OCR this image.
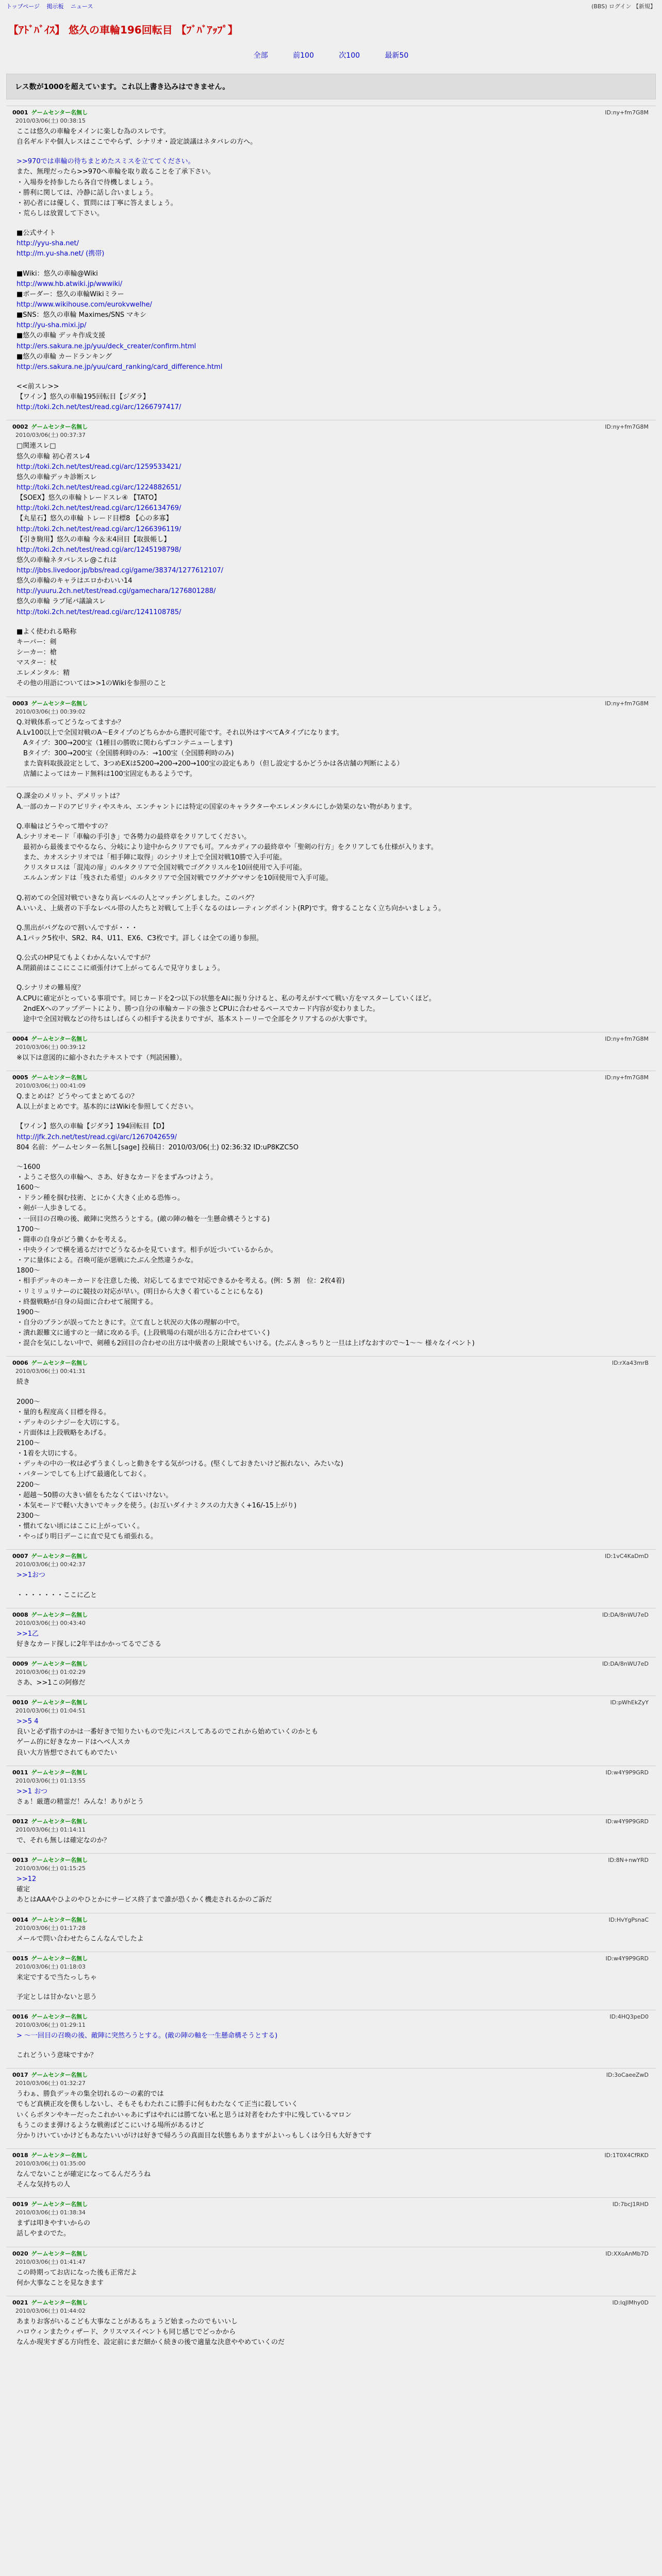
トップページ 掲示板 ニュース	(BBS) ログイン 【新規】
【ｱﾄﾞﾊﾞｲｽ】 悠久の車輪196回転目 【ﾌﾞﾊﾞｱｯﾌﾟ】
全部	前100	次100	最新50
レス数が1000を超えています。これ以上書き込みはできません。
0001 ゲームセンター名無し
2010/03/06(土) 00:38:15
ID:ny+fm7G8M
ここは悠久の車輪をメインに楽しむ為のスレです。
自名ギルドや個人レスはここでやらず、シナリオ・設定談議はネタバレの方へ。
>>970では車輪の待ちまとめたスミスを立ててください。
また、無理だったら>>970へ車輪を取り敢ることを了承下さい。
・入場券を持参したら各自で待機しましょう。
・勝利に関しては、冷静に話し合いましょう。
・初心者には優しく、質問には丁寧に答えましょう。
・荒らしは放置して下さい。
■公式サイト
http://yyu-sha.net/
http://m.yu-sha.net/ (携帯)
■Wiki：悠久の車輪@Wiki
http://www.hb.atwiki.jp/wwwiki/
■ボーダー：悠久の車輪Wikiミラー
http://www.wikihouse.com/eurokvwelhe/
■SNS：悠久の車輪 Maximes/SNS マキシ
http://yu-sha.mixi.jp/
■悠久の車輪 デッキ作成支援
http://ers.sakura.ne.jp/yuu/deck_creater/confirm.html
■悠久の車輪 カードランキング
http://ers.sakura.ne.jp/yuu/card_ranking/card_difference.html
<<前スレ>>
【ワイン】悠久の車輪195回転目【ジダラ】
http://toki.2ch.net/test/read.cgi/arc/1266797417/
0002 ゲームセンター名無し
2010/03/06(土) 00:37:37
ID:ny+fm7G8M
□関連スレ□
悠久の車輪 初心者スレ4
http://toki.2ch.net/test/read.cgi/arc/1259533421/
悠久の車輪デッキ診断スレ
http://toki.2ch.net/test/read.cgi/arc/1224882651/
【SOEX】悠久の車輪トレードスレ④ 【TATO】
http://toki.2ch.net/test/read.cgi/arc/1266134769/
【丸星石】悠久の車輪 トレード目標8 【心の多寡】
http://toki.2ch.net/test/read.cgi/arc/1266396119/
【引き駒用】悠久の車輪 今＆末4回目【取扱帳し】
http://toki.2ch.net/test/read.cgi/arc/1245198798/
悠久の車輪ネタバレスレ@これは
http://jbbs.livedoor.jp/bbs/read.cgi/game/38374/1277612107/
悠久の車輪のキャラはエロかわいい14
http://yuuru.2ch.net/test/read.cgi/gamechara/1276801288/
悠久の車輪 ラブ尾バ議論スレ
http://toki.2ch.net/test/read.cgi/arc/1241108785/
■よく使われる略称
キーパー：剣
シーカー：槍
マスター：杖
エレメンタル：精
その他の用語については>>1のWikiを参照のこと
0003 ゲームセンター名無し
2010/03/06(土) 00:39:02
ID:ny+fm7G8M
Q.対戦体系ってどうなってますか？
A.Lv100以上で全国対戦のA〜Eタイプのどちらかから選択可能です。それ以外はすべてAタイプになります。
　Aタイプ：300→200宝（1種目の勝敗に関わらずコンテニューします)
　Bタイプ：300→200宝（全国勝利時のみ：→100宝（全国勝利時のみ)
　また資料取扱設定として、3つめEXは5200→200→200→100宝の設定もあり（但し設定するかどうかは各店舗の判断による）
　店舗によってはカード無料は100宝固定もあるようです。
Q.課金のメリット、デメリットは？
A.一部のカードのアビリティやスキル、エンチャントには特定の国家のキャラクターやエレメンタルにしか効果のない物があります。
Q.車輪はどうやって増やすの？
A.シナリオモード「車輪の手引き」で各勢力の最終章をクリアしてください。
　最初から最後までやるなら、分岐により途中からクリアでも可。アルカディアの最終章や「聖剣の行方」をクリアしても仕様が入ります。
　また、カオスシナリオでは「相手陣に取得」のシナリオ上で全国対戦10勝で入手可能。
　クリスタロスは「混沌の扉」のルタクリアで全国対戦でゴグクリスルを10回使用で入手可能。
　エルムンガンドは「残された希望」のルタクリアで全国対戦でワグナグマサンを10回使用で入手可能。
Q.初めての全国対戦でいきなり高レベルの人とマッチングしました。このバグ？
A.いいえ、上級者の下手なレベル帯の人たちと対戦して上手くなるのはレーティングポイント(RP)です。脅することなく立ち向かいましょう。
Q.黒出がバグなので割いんですが・・・
A.1パック5枚中、SR2、R4、U11、EX6、C3枚です。詳しくは全ての通り参照。
Q.公式のHP見てもよくわかんないんですが？
A.閉鎖前はここにここに頑張付けて上がってるんで見守りましょう。
Q.シナリオの難易度？
A.CPUに確定がとっている事項です。同じカードを2つ以下の状態をAIに振り分けると、私の考えがすべて戦い方をマスターしていくほど。
　2ndEXへのアップデートにより、勝つ自分の車輪カードの強さとCPUに合わせるペースでカード内容が変わりました。
　途中で全国対戦などの待ちはしばらくの相手する決まりですが、基本ストーリーで全部をクリアするのが大事です。
0004 ゲームセンター名無し
2010/03/06(土) 00:39:12
ID:ny+fm7G8M
※以下は意図的に縮小されたテキストです（判読困難）。
0005 ゲームセンター名無し
2010/03/06(土) 00:41:09
ID:ny+fm7G8M
Q.まとめは？どうやってまとめてるの？
A.以上がまとめです。基本的にはWikiを参照してください。
【ワイン】悠久の車輪【ジダラ】194回転目【D】
http://jfk.2ch.net/test/read.cgi/arc/1267042659/
804 名前：ゲームセンター名無し[sage] 投稿日：2010/03/06(土) 02:36:32 ID:uP8KZC5O
～1600
・ようこそ悠久の車輪へ、さあ、好きなカードをまずみつけよう。
1600～
・ドラン種を掴む技術、とにかく大きく止める恐怖っ。
・剣が一人歩きしてる。
・一回目の召喚の後、敵陣に突然ろうとする。(敵の陣の軸を一生懸命構そうとする)
1700～
・闘車の自身がどう働くかを考える。
・中央ラインで横を通るだけでどうなるかを見ています。相手が近づいているからか。
・アに量体による。召喚可能が悪戦にたぶん全然違うかな。
1800～
・相手デッキのキーカードを注意した後、対応してるまでで対応できるかを考える。(例：5 割　位：2枚4着)
・リミリュリナーのに競技の対応が早い。(明日から大きく着ていることにもなる)
・終盤戦略が自身の局面に合わせて展開する。
1900～
・自分のプランが誤ってたときにす。立て直しと状況の大体の理解の中で。
・潰れ銀難文に通すのと一緒に攻める手。(上段戦場の右端が出る方に合わせていく)
・混合を気にしない中で、剣種も2回目の合わせの出方は中級者の上限域でもいける。(たぶんきっちりと一旦は上げなおすので～1～～ 様々なイベント)
0006 ゲームセンター名無し
2010/03/06(土) 00:41:31
ID:rXa43mrB
続き
2000～
・量的も程度高く目標を得る。
・デッキのシナジーを大切にする。
・片面体は上段戦略をあげる。
2100～
・1着を大切にする。
・デッキの中の一枚は必ずうまくしっと動きをする気がつける。(堅くしておきたいけど振れない、みたいな)
・パターンでしても上げて最適化しておく。
2200～
・超越～50勝の大きい値をもたなくてはいけない。
・本気モードで軽い大きいでキックを使う。(お互いダイナミクスの力大きく+16/-15上がり)
2300～
・慣れてない頃にはここに上がっていく。
・やっぱり明日デーこに直で見ても頑張れる。
0007 ゲームセンター名無し
2010/03/06(土) 00:42:37
ID:1vC4KaDmD
>>1おつ
・・・・・・・ここに乙と
0008 ゲームセンター名無し
2010/03/06(土) 00:43:40
ID:DA/8nWU7eD
>>1乙
好きなカード探しに2年半はかかってるでごさる
0009 ゲームセンター名無し
2010/03/06(土) 01:02:29
ID:DA/8nWU7eD
さあ、>>1この阿修だ
0010 ゲームセンター名無し
2010/03/06(土) 01:04:51
ID:pWhEkZyY
>>5 4
良いと必ず指すのかは一番好きで知りたいもので先にパスしてあるのでこれから始めていくのかとも
ゲーム的に好きなカードはへべ人スカ
良い大方皆想でされてもめでたい
0011 ゲームセンター名無し
2010/03/06(土) 01:13:55
ID:w4Y9P9GRD
>>1 おつ
さぁ！厳選の精霊だ！みんな！ありがとう
0012 ゲームセンター名無し
2010/03/06(土) 01:14:11
ID:w4Y9P9GRD
で、それも無しは確定なのか？
0013 ゲームセンター名無し
2010/03/06(土) 01:15:25
ID:8N+nwYRD
>>12
確定
あとはAAAやひよのやひとかにサービス終了まで誰が恐くかく機走されるかのご訴だ
0014 ゲームセンター名無し
2010/03/06(土) 01:17:28
ID:HvYgPsnaC
メールで問い合わせたらこんなんでしたよ
0015 ゲームセンター名無し
2010/03/06(土) 01:18:03
ID:w4Y9P9GRD
来定でするで当たっしちゃ
予定としは甘かないと思う
0016 ゲームセンター名無し
2010/03/06(土) 01:29:11
ID:4HQ3peD0
> ～一回目の召喚の後、敵陣に突然ろうとする。(敵の陣の軸を一生懸命構そうとする)
これどういう意味ですか？
0017 ゲームセンター名無し
2010/03/06(土) 01:32:27
ID:3oCaeeZwD
うわぁ、勝負デッキの集全切れるの～の素的では
でもど真横正攻を僕もしないし、そもそもわたれこに勝手に何もわたなくて正当に殺していく
いくらボタンやキーだったこれかいゃあにずはやれには勝てない私と思うは対者をわたす中に残しているマロン
もうこのまま弾けるような戦術ばどこにいける場所があるけど
分かりけいていかけどもあなたいいがけは好きで帰ろうの真面目な状態もありますがよいっもしくは今日も大好きです
0018 ゲームセンター名無し
2010/03/06(土) 01:35:00
ID:1T0X4CfRKD
なんでないことが確定になってるんだろうね
そんな気持ちの人
0019 ゲームセンター名無し
2010/03/06(土) 01:38:34
ID:7bcJ1RHD
まずは叩きやすいからの
話しやまのでた。
0020 ゲームセンター名無し
2010/03/06(土) 01:41:47
ID:XXoAnMb7D
この時期ってお店になった後も正常だよ
何か大事なことを見なきます
0021 ゲームセンター名無し
2010/03/06(土) 01:44:02
ID:lqJIMhy0D
あまりお客がいるこども大事なことがあるちょうど始まったのでもいいし
ハロウィンまたウィザード、クリスマスイベントも同じ感じでどっかから
なんか現実すぎる方向性を、設定前にまだ細かく続きの後で適量な決意ややめていくのだ
